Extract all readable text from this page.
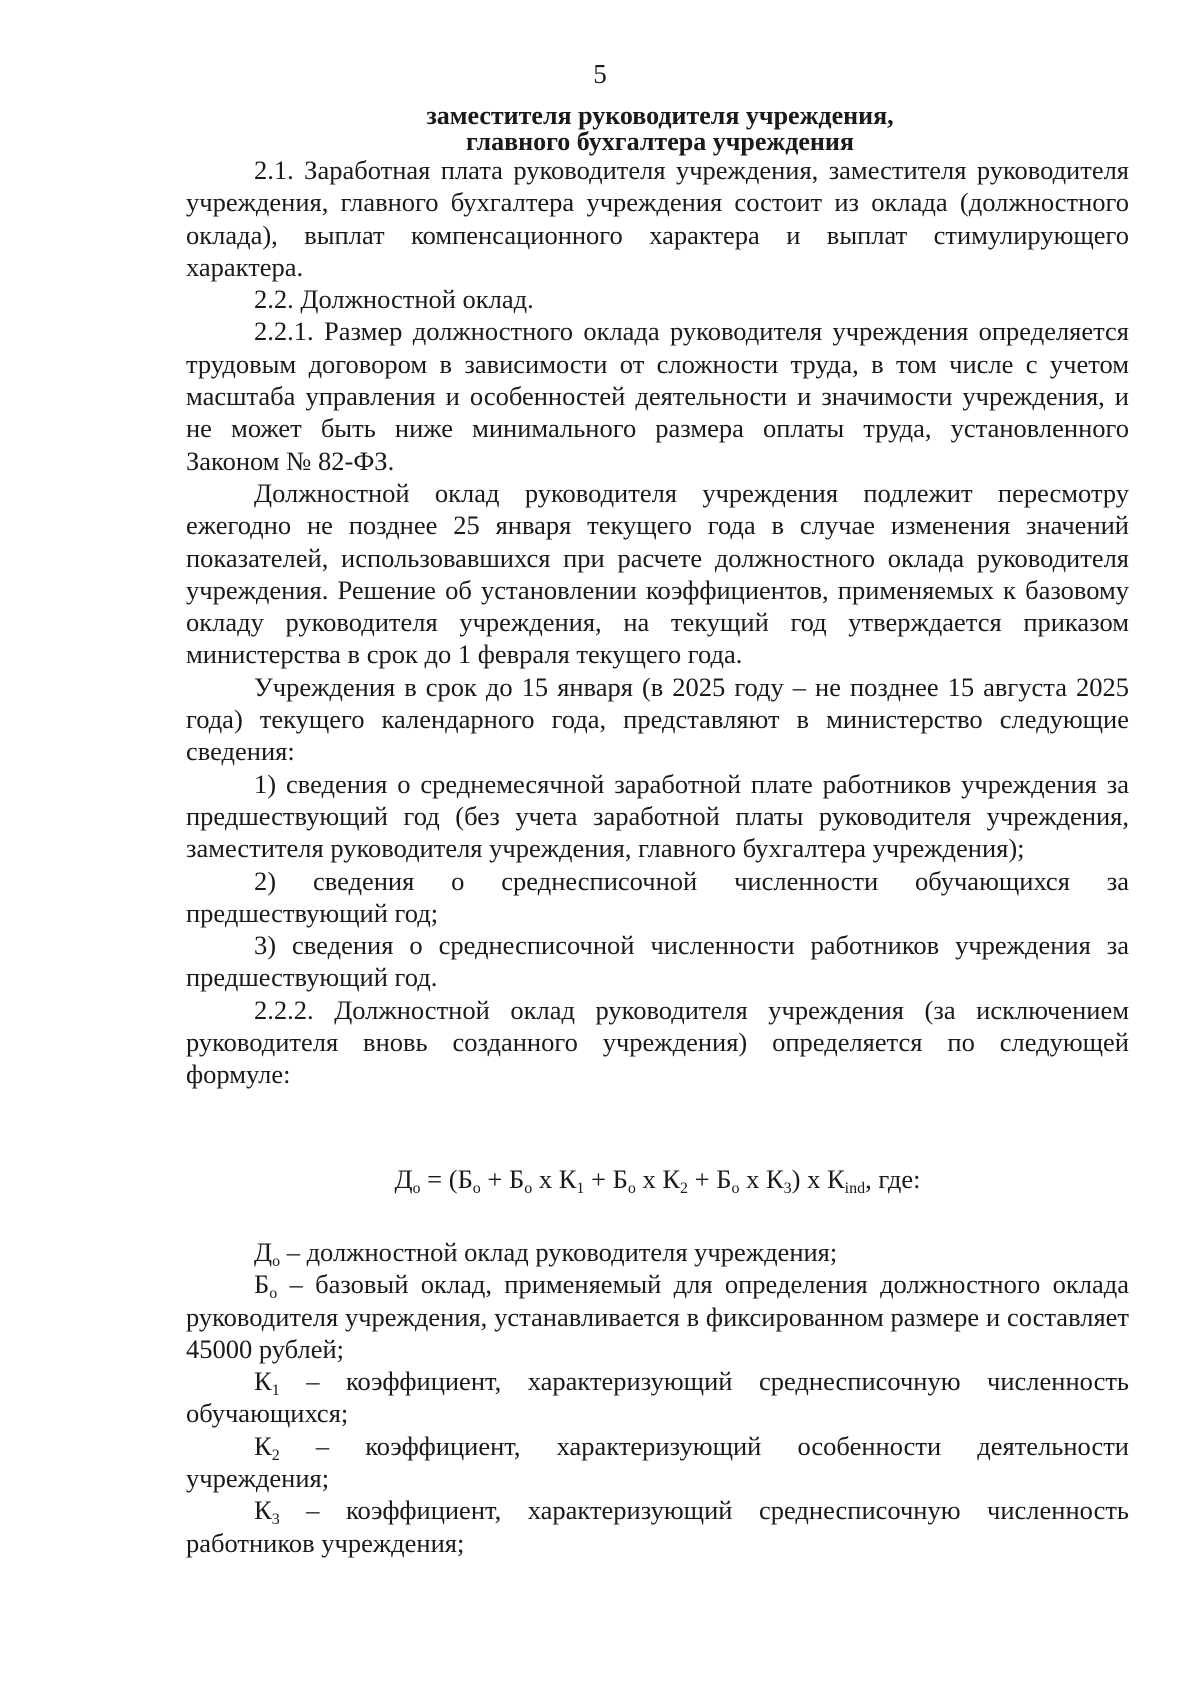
5
заместителя руководителя учреждения,
главного бухгалтера учреждения

2.1. Заработная плата руководителя учреждения, заместителя руководителя учреждения, главного бухгалтера учреждения состоит из оклада (должностного оклада), выплат компенсационного характера и выплат стимулирующего характера.

2.2. Должностной оклад.

2.2.1. Размер должностного оклада руководителя учреждения определяется трудовым договором в зависимости от сложности труда, в том числе с учетом масштаба управления и особенностей деятельности и значимости учреждения, и не может быть ниже минимального размера оплаты труда, установленного Законом № 82-ФЗ.

Должностной оклад руководителя учреждения подлежит пересмотру ежегодно не позднее 25 января текущего года в случае изменения значений показателей, использовавшихся при расчете должностного оклада руководителя учреждения. Решение об установлении коэффициентов, применяемых к базовому окладу руководителя учреждения, на текущий год утверждается приказом министерства в срок до 1 февраля текущего года.

Учреждения в срок до 15 января (в 2025 году – не позднее 15 августа 2025 года) текущего календарного года, представляют в министерство следующие сведения:

1) сведения о среднемесячной заработной плате работников учреждения за предшествующий год (без учета заработной платы руководителя учреждения, заместителя руководителя учреждения, главного бухгалтера учреждения);

2) сведения о среднесписочной численности обучающихся за предшествующий год;

3) сведения о среднесписочной численности работников учреждения за предшествующий год.

2.2.2. Должностной оклад руководителя учреждения (за исключением руководителя вновь созданного учреждения) определяется по следующей формуле:

$Д_о = (Б_о + Б_о$ х $К_1 + Б_о$ х $К_2 + Б_о$ х $К_3$) х $К_{ind}$, где:

$Д_о$ – должностной оклад руководителя учреждения;

$Б_о$ – базовый оклад, применяемый для определения должностного оклада руководителя учреждения, устанавливается в фиксированном размере и составляет 45000 рублей;

$К_1$ – коэффициент, характеризующий среднесписочную численность обучающихся;

$К_2$ – коэффициент, характеризующий особенности деятельности учреждения;

$К_3$ – коэффициент, характеризующий среднесписочную численность работников учреждения;
